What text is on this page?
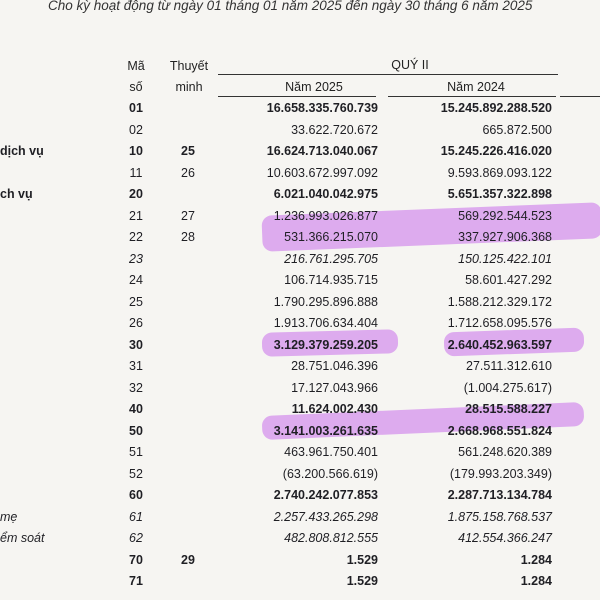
Cho kỳ hoạt động từ ngày 01 tháng 01 năm 2025 đến ngày 30 tháng 6 năm 2025
Mã
số
Thuyết
minh
QUÝ II
Năm 2025	Năm 2024
01	16.658.335.760.739	15.245.892.288.520
02	33.622.720.672	665.872.500
dịch vụ	10	25	16.624.713.040.067	15.245.226.416.020
11	26	10.603.672.997.092	9.593.869.093.122
ch vụ	20	6.021.040.042.975	5.651.357.322.898
21	27	1.236.993.026.877	569.292.544.523
22	28	531.366.215.070	337.927.906.368
23	216.761.295.705	150.125.422.101
24	106.714.935.715	58.601.427.292
25	1.790.295.896.888	1.588.212.329.172
26	1.913.706.634.404	1.712.658.095.576
30	3.129.379.259.205	2.640.452.963.597
31	28.751.046.396	27.511.312.610
32	17.127.043.966	(1.004.275.617)
40	11.624.002.430	28.515.588.227
50	3.141.003.261.635	2.668.968.551.824
51	463.961.750.401	561.248.620.389
52	(63.200.566.619)	(179.993.203.349)
60	2.740.242.077.853	2.287.713.134.784
mẹ	61	2.257.433.265.298	1.875.158.768.537
ểm soát	62	482.808.812.555	412.554.366.247
70	29	1.529	1.284
71	1.529	1.284
